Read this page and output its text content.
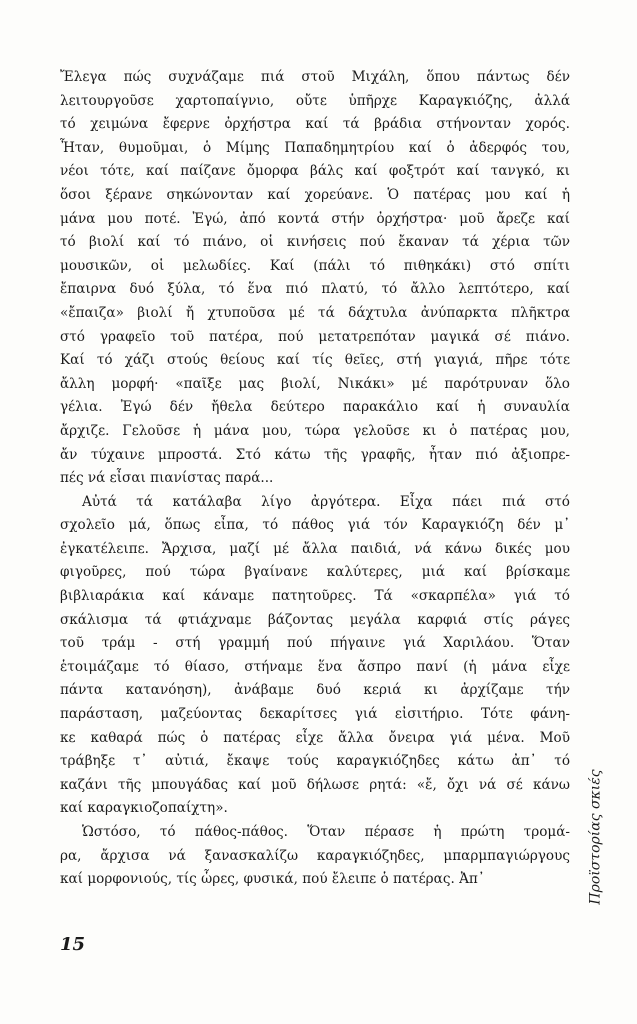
Ἔλεγα πώς συχνάζαμε πιά στοῦ Μιχάλη, ὅπου πάντως δέν
λειτουργοῦσε χαρτοπαίγνιο, οὔτε ὑπῆρχε Καραγκιόζης, ἀλλά
τό χειμώνα ἔφερνε ὀρχήστρα καί τά βράδια στήνονταν χορός.
Ἦταν, θυμοῦμαι, ὁ Μίμης Παπαδημητρίου καί ὁ ἀδερφός του,
νέοι τότε, καί παίζανε ὄμορφα βάλς καί φοξτρότ καί τανγκό, κι
ὅσοι ξέρανε σηκώνονταν καί χορεύανε. Ὁ πατέρας μου καί ἡ
μάνα μου ποτέ. Ἐγώ, ἀπό κοντά στήν ὀρχήστρα· μοῦ ἄρεζε καί
τό βιολί καί τό πιάνο, οἱ κινήσεις πού ἔκαναν τά χέρια τῶν
μουσικῶν, οἱ μελωδίες. Καί (πάλι τό πιθηκάκι) στό σπίτι
ἔπαιρνα δυό ξύλα, τό ἕνα πιό πλατύ, τό ἄλλο λεπτότερο, καί
«ἔπαιζα» βιολί ἤ χτυποῦσα μέ τά δάχτυλα ἀνύπαρκτα πλῆκτρα
στό γραφεῖο τοῦ πατέρα, πού μετατρεπόταν μαγικά σέ πιάνο.
Καί τό χάζι στούς θείους καί τίς θεῖες, στή γιαγιά, πῆρε τότε
ἄλλη μορφή· «παῖξε μας βιολί, Νικάκι» μέ παρότρυναν ὅλο
γέλια. Ἐγώ δέν ἤθελα δεύτερο παρακάλιο καί ἡ συναυλία
ἄρχιζε. Γελοῦσε ἡ μάνα μου, τώρα γελοῦσε κι ὁ πατέρας μου,
ἄν τύχαινε μπροστά. Στό κάτω τῆς γραφῆς, ἦταν πιό ἀξιοπρε-
πές νά εἶσαι πιανίστας παρά...
Αὐτά τά κατάλαβα λίγο ἀργότερα. Εἶχα πάει πιά στό
σχολεῖο μά, ὅπως εἶπα, τό πάθος γιά τόν Καραγκιόζη δέν μ᾿
ἐγκατέλειπε. Ἄρχισα, μαζί μέ ἄλλα παιδιά, νά κάνω δικές μου
φιγοῦρες, πού τώρα βγαίνανε καλύτερες, μιά καί βρίσκαμε
βιβλιαράκια καί κάναμε πατητοῦρες. Τά «σκαρπέλα» γιά τό
σκάλισμα τά φτιάχναμε βάζοντας μεγάλα καρφιά στίς ράγες
τοῦ τράμ - στή γραμμή πού πήγαινε γιά Χαριλάου. Ὅταν
ἑτοιμάζαμε τό θίασο, στήναμε ἕνα ἄσπρο πανί (ἡ μάνα εἶχε
πάντα κατανόηση), ἀνάβαμε δυό κεριά κι ἀρχίζαμε τήν
παράσταση, μαζεύοντας δεκαρίτσες γιά εἰσιτήριο. Τότε φάνη-
κε καθαρά πώς ὁ πατέρας εἶχε ἄλλα ὄνειρα γιά μένα. Μοῦ
τράβηξε τ᾿ αὐτιά, ἔκαψε τούς καραγκιόζηδες κάτω ἀπ᾿ τό
καζάνι τῆς μπουγάδας καί μοῦ δήλωσε ρητά: «ἔ, ὄχι νά σέ κάνω
καί καραγκιοζοπαίχτη».
Ὡστόσο, τό πάθος-πάθος. Ὅταν πέρασε ἡ πρώτη τρομά-
ρα, ἄρχισα νά ξανασκαλίζω καραγκιόζηδες, μπαρμπαγιώργους
καί μορφονιούς, τίς ὧρες, φυσικά, πού ἔλειπε ὁ πατέρας. Ἀπ᾿	Προϊστορίας σκιές
15
